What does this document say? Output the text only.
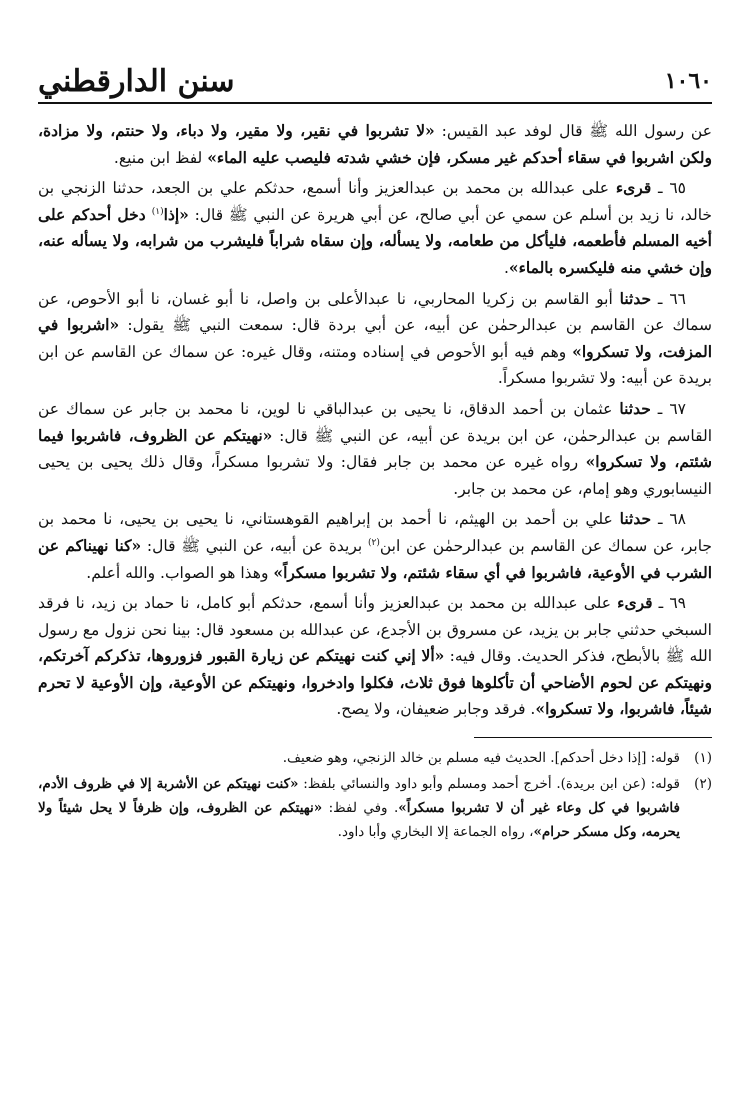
سنن الدارقطني	١٠٦٠

عن رسول الله ﷺ قال لوفد عبد القيس: «لا تشربوا في نقير، ولا مقير، ولا دباء، ولا حنتم، ولا مزادة، ولكن اشربوا في سقاء أحدكم غير مسكر، فإن خشي شدته فليصب عليه الماء» لفظ ابن منيع.

٦٥ ـ قرىء على عبدالله بن محمد بن عبدالعزيز وأنا أسمع، حدثكم علي بن الجعد، حدثنا الزنجي بن خالد، نا زيد بن أسلم عن سمي عن أبي صالح، عن أبي هريرة عن النبي ﷺ قال: «إذا$^{(١)}$ دخل أحدكم على أخيه المسلم فأطعمه، فليأكل من طعامه، ولا يسأله، وإن سقاه شراباً فليشرب من شرابه، ولا يسأله عنه، وإن خشي منه فليكسره بالماء».

٦٦ ـ حدثنا أبو القاسم بن زكريا المحاربي، نا عبدالأعلى بن واصل، نا أبو غسان، نا أبو الأحوص، عن سماك عن القاسم بن عبدالرحمٰن عن أبيه، عن أبي بردة قال: سمعت النبي ﷺ يقول: «اشربوا في المزفت، ولا تسكروا» وهم فيه أبو الأحوص في إسناده ومتنه، وقال غيره: عن سماك عن القاسم عن ابن بريدة عن أبيه: ولا تشربوا مسكراً.

٦٧ ـ حدثنا عثمان بن أحمد الدقاق، نا يحيى بن عبدالباقي نا لوين، نا محمد بن جابر عن سماك عن القاسم بن عبدالرحمٰن، عن ابن بريدة عن أبيه، عن النبي ﷺ قال: «نهيتكم عن الظروف، فاشربوا فيما شئتم، ولا تسكروا» رواه غيره عن محمد بن جابر فقال: ولا تشربوا مسكراً، وقال ذلك يحيى بن يحيى النيسابوري وهو إمام، عن محمد بن جابر.

٦٨ ـ حدثنا علي بن أحمد بن الهيثم، نا أحمد بن إبراهيم القوهستاني، نا يحيى بن يحيى، نا محمد بن جابر، عن سماك عن القاسم بن عبدالرحمٰن عن ابن$^{(٢)}$ بريدة عن أبيه، عن النبي ﷺ قال: «كنا نهيناكم عن الشرب في الأوعية، فاشربوا في أي سقاء شئتم، ولا تشربوا مسكراً» وهذا هو الصواب. والله أعلم.

٦٩ ـ قرىء على عبدالله بن محمد بن عبدالعزيز وأنا أسمع، حدثكم أبو كامل، نا حماد بن زيد، نا فرقد السبخي حدثني جابر بن يزيد، عن مسروق بن الأجدع، عن عبدالله بن مسعود قال: بينا نحن نزول مع رسول الله ﷺ بالأبطح، فذكر الحديث. وقال فيه: «ألا إني كنت نهيتكم عن زيارة القبور فزوروها، تذكركم آخرتكم، ونهيتكم عن لحوم الأضاحي أن تأكلوها فوق ثلاث، فكلوا وادخروا، ونهيتكم عن الأوعية، وإن الأوعية لا تحرم شيئاً، فاشربوا، ولا تسكروا». فرقد وجابر ضعيفان، ولا يصح.

(١)
قوله: [إذا دخل أحدكم]. الحديث فيه مسلم بن خالد الزنجي، وهو ضعيف.
(٢)
قوله: (عن ابن بريدة). أخرج أحمد ومسلم وأبو داود والنسائي بلفظ: «كنت نهيتكم عن الأشربة إلا في ظروف الأدم، فاشربوا في كل وعاء غير أن لا تشربوا مسكراً». وفي لفظ: «نهيتكم عن الظروف، وإن ظرفاً لا يحل شيئاً ولا يحرمه، وكل مسكر حرام»، رواه الجماعة إلا البخاري وأبا داود.
